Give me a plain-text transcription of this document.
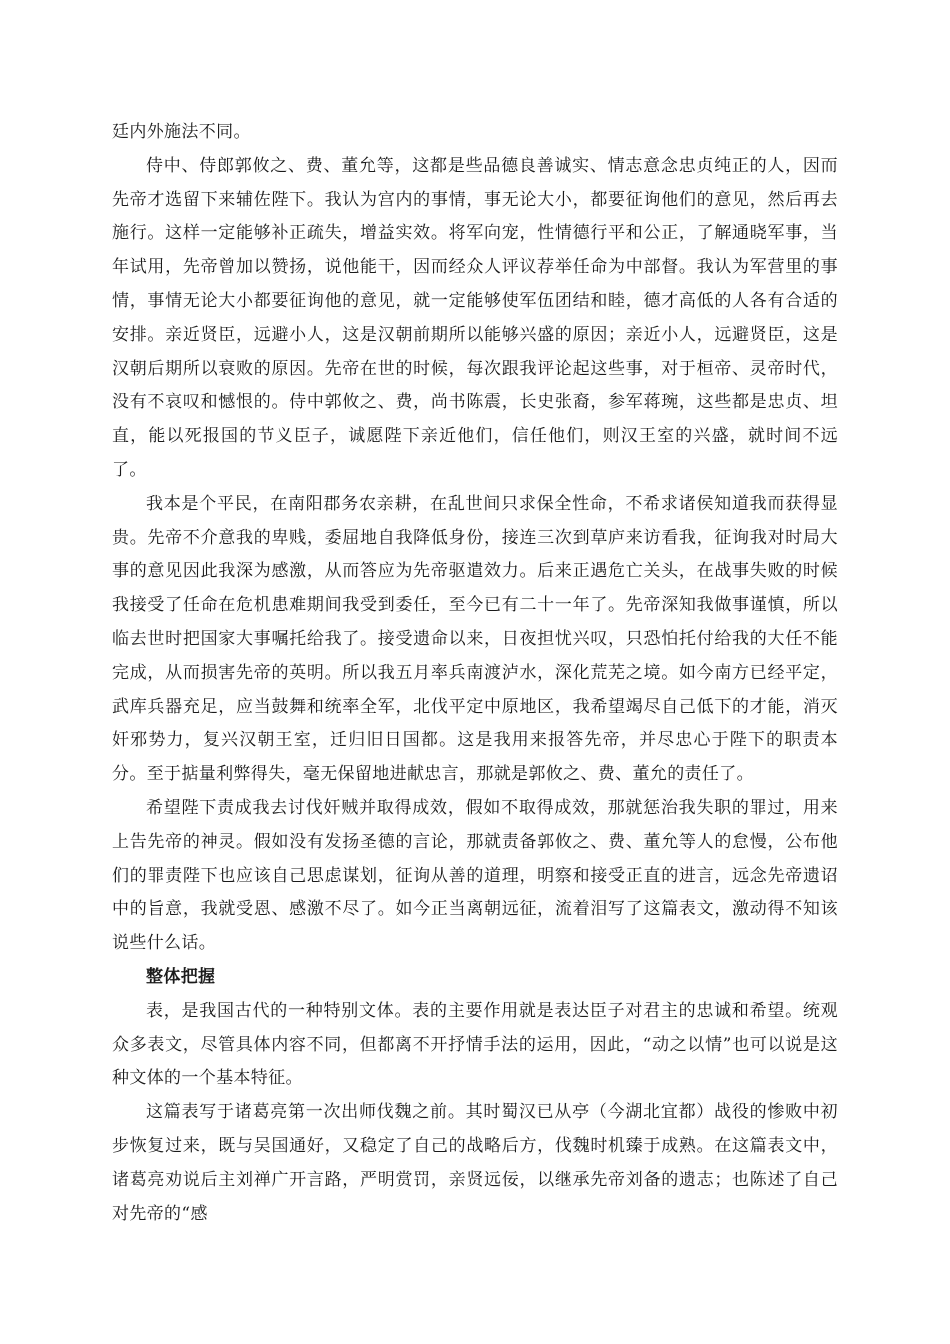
廷内外施法不同。

侍中、侍郎郭攸之、费、董允等，这都是些品德良善诚实、情志意念忠贞纯正的人，因而先帝才选留下来辅佐陛下。我认为宫内的事情，事无论大小，都要征询他们的意见，然后再去施行。这样一定能够补正疏失，增益实效。将军向宠，性情德行平和公正，了解通晓军事，当年试用，先帝曾加以赞扬，说他能干，因而经众人评议荐举任命为中部督。我认为军营里的事情，事情无论大小都要征询他的意见，就一定能够使军伍团结和睦，德才高低的人各有合适的安排。亲近贤臣，远避小人，这是汉朝前期所以能够兴盛的原因；亲近小人，远避贤臣，这是汉朝后期所以衰败的原因。先帝在世的时候，每次跟我评论起这些事，对于桓帝、灵帝时代，没有不哀叹和憾恨的。侍中郭攸之、费，尚书陈震，长史张裔，参军蒋琬，这些都是忠贞、坦直，能以死报国的节义臣子，诚愿陛下亲近他们，信任他们，则汉王室的兴盛，就时间不远了。

我本是个平民，在南阳郡务农亲耕，在乱世间只求保全性命，不希求诸侯知道我而获得显贵。先帝不介意我的卑贱，委屈地自我降低身份，接连三次到草庐来访看我，征询我对时局大事的意见因此我深为感激，从而答应为先帝驱遣效力。后来正遇危亡关头，在战事失败的时候我接受了任命在危机患难期间我受到委任，至今已有二十一年了。先帝深知我做事谨慎，所以临去世时把国家大事嘱托给我了。接受遗命以来，日夜担忧兴叹，只恐怕托付给我的大任不能完成，从而损害先帝的英明。所以我五月率兵南渡泸水，深化荒芜之境。如今南方已经平定，武库兵器充足，应当鼓舞和统率全军，北伐平定中原地区，我希望竭尽自己低下的才能，消灭奸邪势力，复兴汉朝王室，迁归旧日国都。这是我用来报答先帝，并尽忠心于陛下的职责本分。至于掂量利弊得失，毫无保留地进献忠言，那就是郭攸之、费、董允的责任了。

希望陛下责成我去讨伐奸贼并取得成效，假如不取得成效，那就惩治我失职的罪过，用来上告先帝的神灵。假如没有发扬圣德的言论，那就责备郭攸之、费、董允等人的怠慢，公布他们的罪责陛下也应该自己思虑谋划，征询从善的道理，明察和接受正直的进言，远念先帝遗诏中的旨意，我就受恩、感激不尽了。如今正当离朝远征，流着泪写了这篇表文，激动得不知该说些什么话。

整体把握

表，是我国古代的一种特别文体。表的主要作用就是表达臣子对君主的忠诚和希望。统观众多表文，尽管具体内容不同，但都离不开抒情手法的运用，因此，“动之以情”也可以说是这种文体的一个基本特征。

这篇表写于诸葛亮第一次出师伐魏之前。其时蜀汉已从亭（今湖北宜都）战役的惨败中初步恢复过来，既与吴国通好，又稳定了自己的战略后方，伐魏时机臻于成熟。在这篇表文中，诸葛亮劝说后主刘禅广开言路，严明赏罚，亲贤远佞，以继承先帝刘备的遗志；也陈述了自己对先帝的“感
